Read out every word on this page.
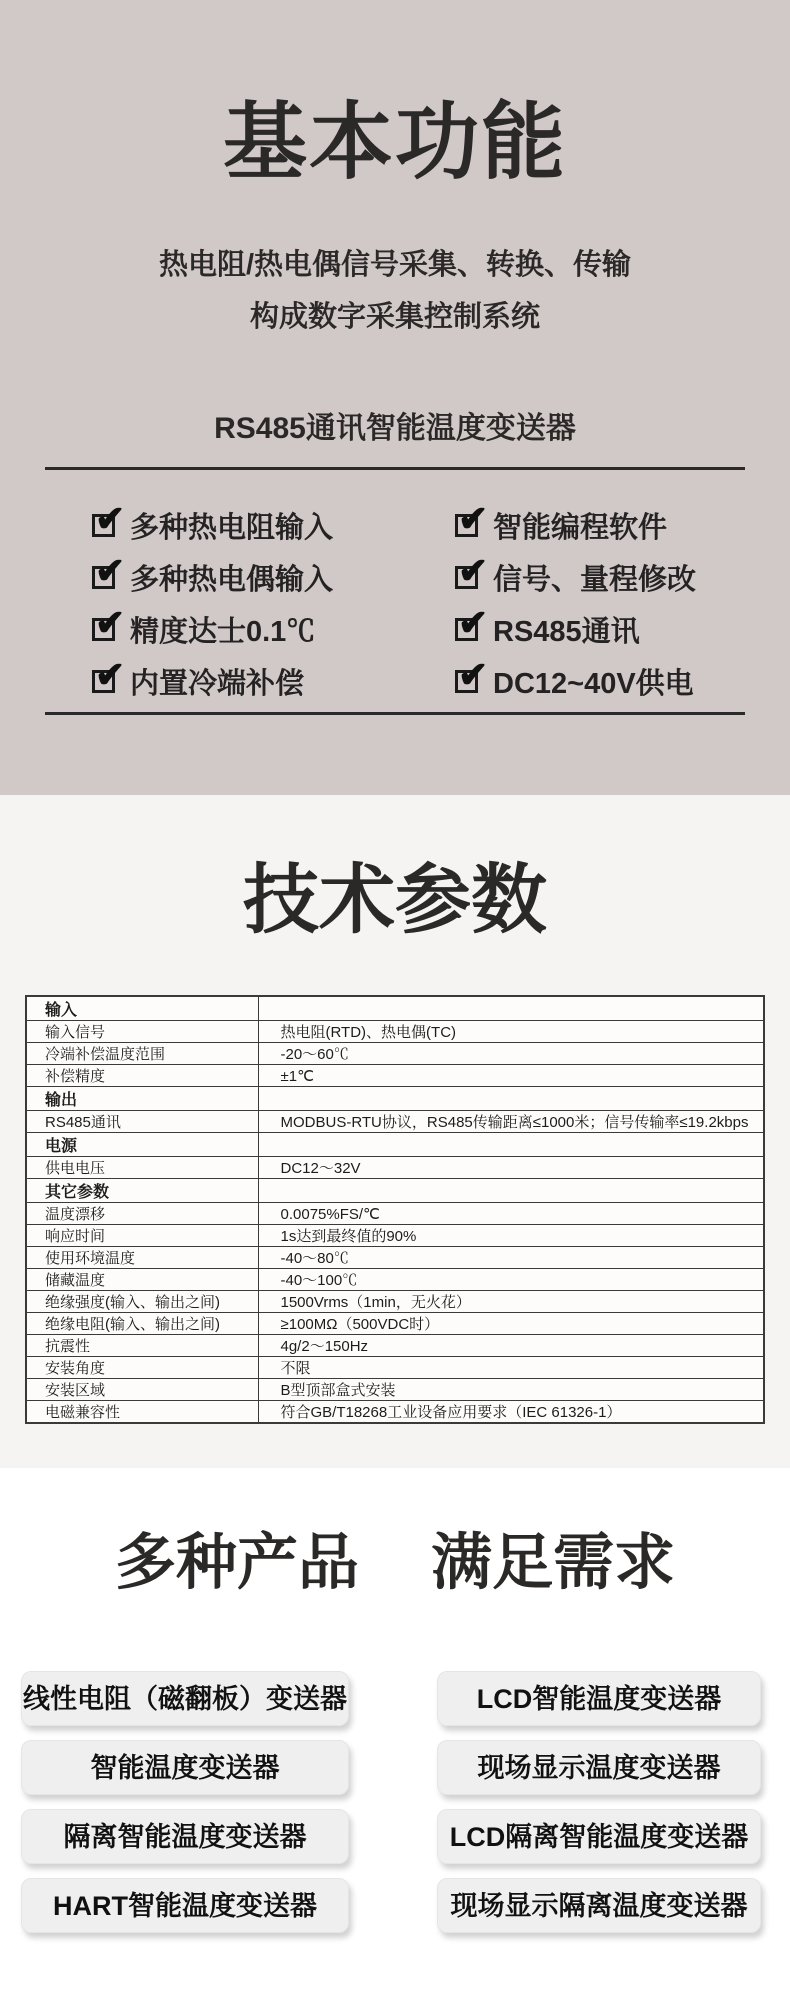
基本功能

热电阻/热电偶信号采集、转换、传输

构成数字采集控制系统

RS485通讯智能温度变送器
✔ 多种热电阻输入
✔ 多种热电偶输入
✔ 精度达士0.1℃
✔ 内置冷端补偿
✔ 智能编程软件
✔ 信号、量程修改
✔ RS485通讯
✔ DC12~40V供电
技术参数
输入	
输入信号	热电阻(RTD)、热电偶(TC)
冷端补偿温度范围	-20～60℃
补偿精度	±1℃
输出	
RS485通讯	MODBUS-RTU协议，RS485传输距离≤1000米；信号传输率≤19.2kbps
电源	
供电电压	DC12～32V
其它参数	
温度漂移	0.0075%FS/℃
响应时间	1s达到最终值的90%
使用环境温度	-40～80℃
储藏温度	-40～100℃
绝缘强度(输入、输出之间)	1500Vrms（1min，无火花）
绝缘电阻(输入、输出之间)	≥100MΩ（500VDC时）
抗震性	4g/2～150Hz
安装角度	不限
安装区域	B型顶部盒式安装
电磁兼容性	符合GB/T18268工业设备应用要求（IEC 61326-1）
多种产品 满足需求
线性电阻（磁翻板）变送器	LCD智能温度变送器
智能温度变送器	现场显示温度变送器
隔离智能温度变送器	LCD隔离智能温度变送器
HART智能温度变送器	现场显示隔离温度变送器
